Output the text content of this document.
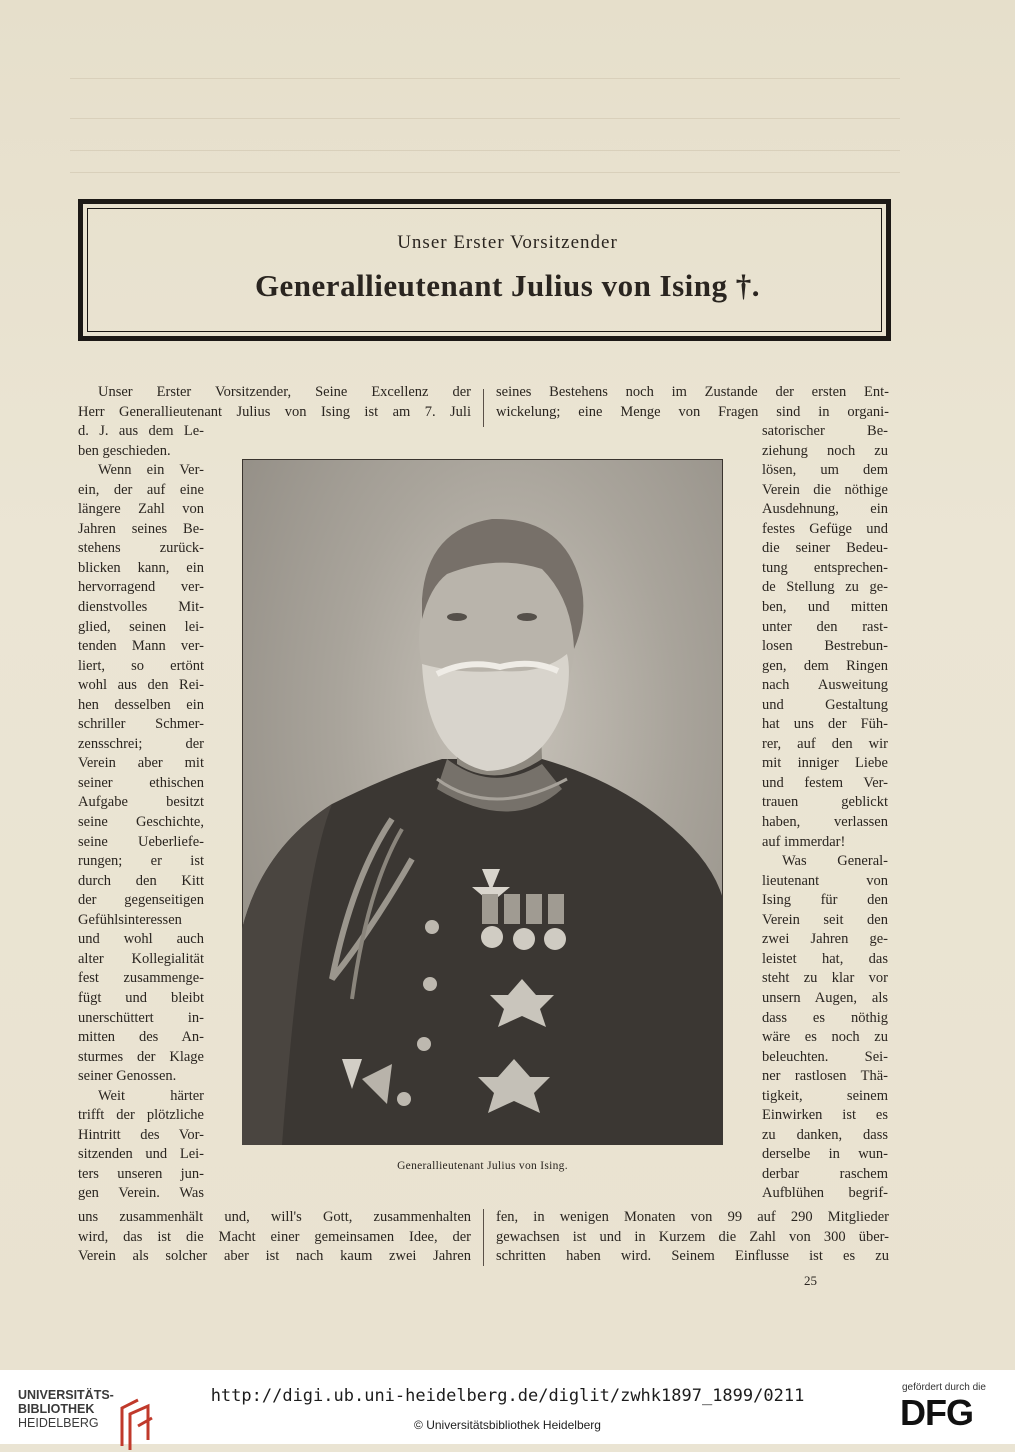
Unser Erster Vorsitzender
Generallieutenant Julius von Ising †.
Unser Erster Vorsitzender, Seine Excellenz der
Herr Generallieutenant Julius von Ising ist am 7. Juli
d. J. aus dem Le-
ben geschieden.
Wenn ein Ver-
ein, der auf eine
längere Zahl von
Jahren seines Be-
stehens zurück-
blicken kann, ein
hervorragend ver-
dienstvolles Mit-
glied, seinen lei-
tenden Mann ver-
liert, so ertönt
wohl aus den Rei-
hen desselben ein
schriller Schmer-
zensschrei; der
Verein aber mit
seiner ethischen
Aufgabe besitzt
seine Geschichte,
seine Ueberliefe-
rungen; er ist
durch den Kitt
der gegenseitigen
Gefühlsinteressen
und wohl auch
alter Kollegialität
fest zusammenge-
fügt und bleibt
unerschüttert in-
mitten des An-
sturmes der Klage
seiner Genossen.
Weit härter
trifft der plötzliche
Hintritt des Vor-
sitzenden und Lei-
ters unseren jun-
gen Verein. Was
uns zusammenhält und, will's Gott, zusammenhalten
wird, das ist die Macht einer gemeinsamen Idee, der
Verein als solcher aber ist nach kaum zwei Jahren
seines Bestehens noch im Zustande der ersten Ent-
wickelung; eine Menge von Fragen sind in organi-
satorischer Be-
ziehung noch zu
lösen, um dem
Verein die nöthige
Ausdehnung, ein
festes Gefüge und
die seiner Bedeu-
tung entsprechen-
de Stellung zu ge-
ben, und mitten
unter den rast-
losen Bestrebun-
gen, dem Ringen
nach Ausweitung
und Gestaltung
hat uns der Füh-
rer, auf den wir
mit inniger Liebe
und festem Ver-
trauen geblickt
haben, verlassen
auf immerdar!
Was General-
lieutenant von
Ising für den
Verein seit den
zwei Jahren ge-
leistet hat, das
steht zu klar vor
unsern Augen, als
dass es nöthig
wäre es noch zu
beleuchten. Sei-
ner rastlosen Thä-
tigkeit, seinem
Einwirken ist es
zu danken, dass
derselbe in wun-
derbar raschem
Aufblühen begrif-
fen, in wenigen Monaten von 99 auf 290 Mitglieder
gewachsen ist und in Kurzem die Zahl von 300 über-
schritten haben wird. Seinem Einflusse ist es zu
Generallieutenant Julius von Ising.
25
UNIVERSITÄTS-
BIBLIOTHEK
HEIDELBERG
http://digi.ub.uni-heidelberg.de/diglit/zwhk1897_1899/0211
© Universitätsbibliothek Heidelberg
gefördert durch die
DFG
